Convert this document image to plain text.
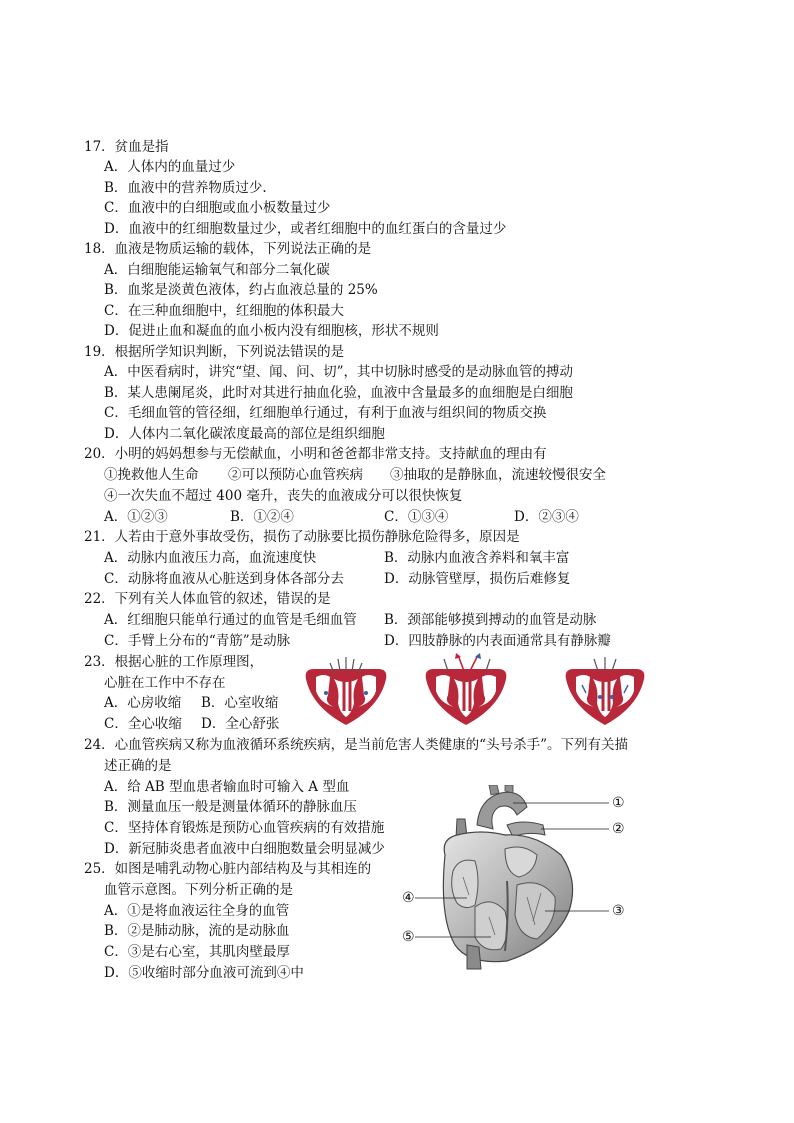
17．贫血是指
A．人体内的血量过少
B．血液中的营养物质过少.
C．血液中的白细胞或血小板数量过少
D．血液中的红细胞数量过少，或者红细胞中的血红蛋白的含量过少
18．血液是物质运输的载体，下列说法正确的是
A．白细胞能运输氧气和部分二氧化碳
B．血浆是淡黄色液体，约占血液总量的 25%
C．在三种血细胞中，红细胞的体积最大
D．促进止血和凝血的血小板内没有细胞核，形状不规则
19．根据所学知识判断，下列说法错误的是
A．中医看病时，讲究“望、闻、问、切”，其中切脉时感受的是动脉血管的搏动
B．某人患阑尾炎，此时对其进行抽血化验，血液中含量最多的血细胞是白细胞
C．毛细血管的管径细，红细胞单行通过，有利于血液与组织间的物质交换
D．人体内二氧化碳浓度最高的部位是组织细胞
20．小明的妈妈想参与无偿献血，小明和爸爸都非常支持。支持献血的理由有
①挽救他人生命 ②可以预防心血管疾病 ③抽取的是静脉血，流速较慢很安全
④一次失血不超过 400 毫升，丧失的血液成分可以很快恢复
A．①②③	B．①②④	C．①③④	D．②③④
21．人若由于意外事故受伤，损伤了动脉要比损伤静脉危险得多，原因是
A．动脉内血液压力高，血流速度快	B．动脉内血液含养料和氧丰富
C．动脉将血液从心脏送到身体各部分去	D．动脉管壁厚，损伤后难修复
22．下列有关人体血管的叙述，错误的是
A．红细胞只能单行通过的血管是毛细血管 B．颈部能够摸到搏动的血管是动脉
C．手臂上分布的“青筋”是动脉	D．四肢静脉的内表面通常具有静脉瓣
23．根据心脏的工作原理图，
心脏在工作中不存在
A．心房收缩 B．心室收缩
C．全心收缩 D．全心舒张
24．心血管疾病又称为血液循环系统疾病，是当前危害人类健康的“头号杀手”。下列有关描
述正确的是
A．给 AB 型血患者输血时可输入 A 型血
B．测量血压一般是测量体循环的静脉血压
C．坚持体育锻炼是预防心血管疾病的有效措施
D．新冠肺炎患者血液中白细胞数量会明显减少
25．如图是哺乳动物心脏内部结构及与其相连的
血管示意图。下列分析正确的是
A．①是将血液运往全身的血管
B．②是肺动脉，流的是动脉血
C．③是右心室，其肌肉壁最厚
D．⑤收缩时部分血液可流到④中
①
②
③
④
⑤
